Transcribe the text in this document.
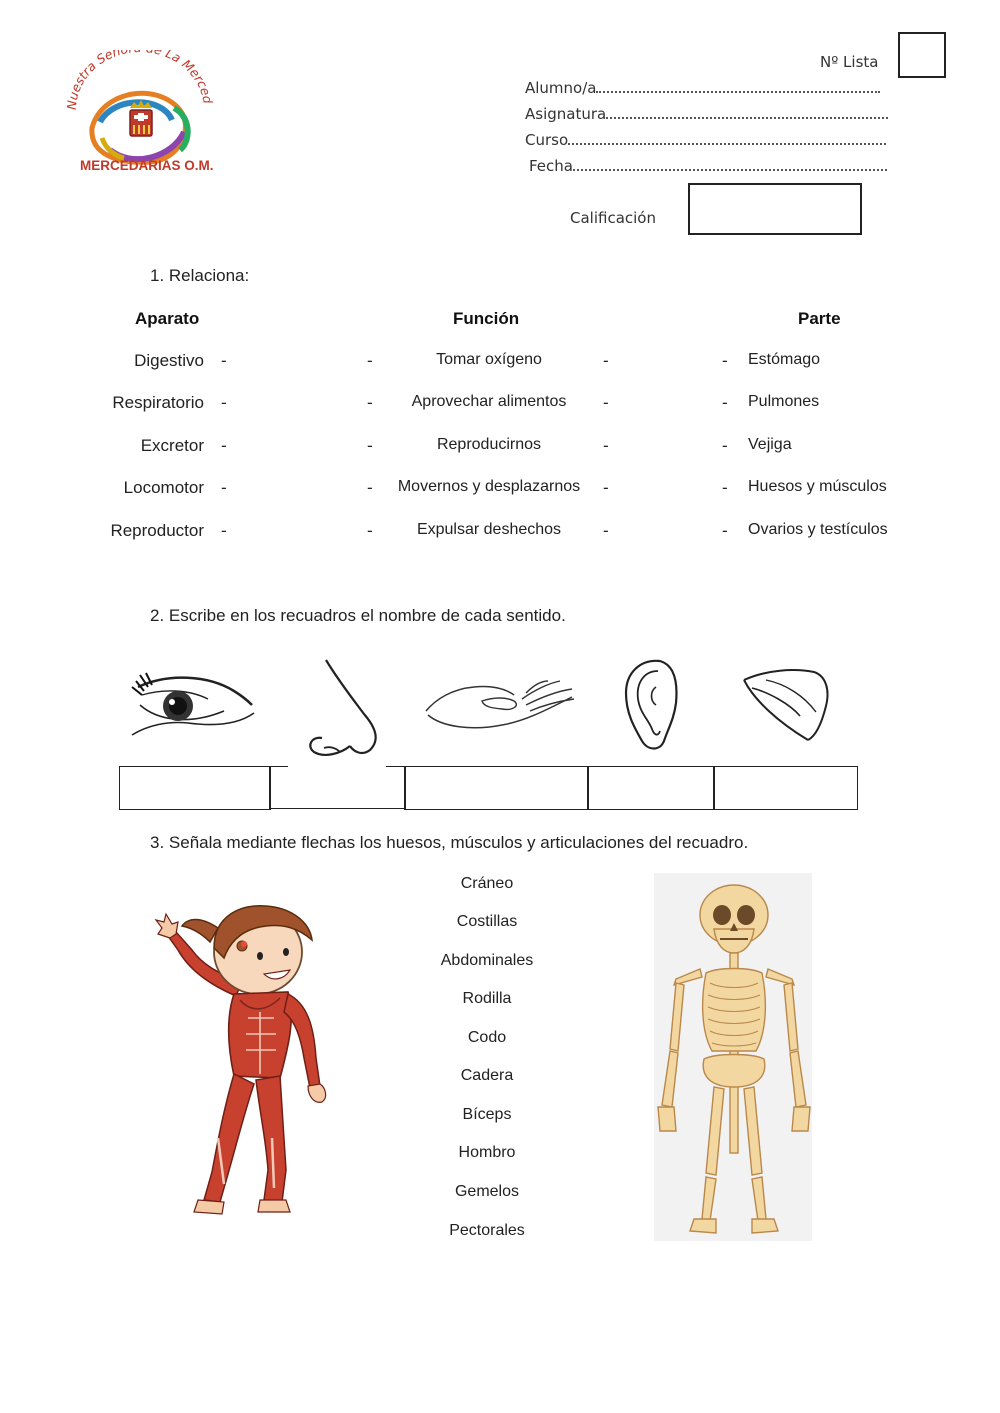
Nuestra Señ La Merced
MERCEDARIAS O.M.
Nº Lista
Alumno/a
Asignatura
Curso
Fecha
Calificación
1. Relaciona:
Aparato	Función	Parte
Digestivo -	-	Tomar oxígeno	-	- Estómago
Respiratorio -	-	Aprovechar alimentos	-	- Pulmones
Excretor -	-	Reproducirnos	-	- Vejiga
Locomotor -	-	Movernos y desplazarnos	-	- Huesos y músculos
Reproductor -	-	Expulsar deshechos	-	- Ovarios y testículos
2. Escribe en los recuadros el nombre de cada sentido.
3. Señala mediante flechas los huesos, músculos y articulaciones del recuadro.
Cráneo
Costillas
Abdominales
Rodilla
Codo
Cadera
Bíceps
Hombro
Gemelos
Pectorales
